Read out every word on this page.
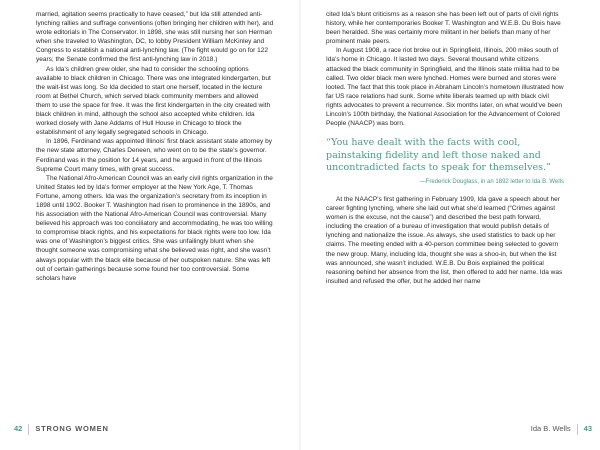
married, agitation seems practically to have ceased,” but Ida still attended anti-lynching rallies and suffrage conventions (often bringing her children with her), and wrote editorials in The Conservator. In 1898, she was still nursing her son Herman when she traveled to Washington, DC, to lobby President William McKinley and Congress to establish a national anti-lynching law. (The fight would go on for 122 years; the Senate confirmed the first anti-lynching law in 2018.)

As Ida’s children grew older, she had to consider the schooling options available to black children in Chicago. There was one integrated kindergarten, but the wait-list was long. So Ida decided to start one herself, located in the lecture room at Bethel Church, which served black community members and allowed them to use the space for free. It was the first kindergarten in the city created with black children in mind, although the school also accepted white children. Ida worked closely with Jane Addams of Hull House in Chicago to block the establishment of any legally segregated schools in Chicago.

In 1896, Ferdinand was appointed Illinois’ first black assistant state attorney by the new state attorney, Charles Deneen, who went on to be the state’s governor. Ferdinand was in the position for 14 years, and he argued in front of the Illinois Supreme Court many times, with great success.

The National Afro-American Council was an early civil rights organization in the United States led by Ida’s former employer at the New York Age, T. Thomas Fortune, among others. Ida was the organization’s secretary from its inception in 1898 until 1902. Booker T. Washington had risen to prominence in the 1890s, and his association with the National Afro-American Council was controversial. Many believed his approach was too conciliatory and accommodating, he was too willing to compromise black rights, and his expectations for black rights were too low. Ida was one of Washington’s biggest critics. She was unfailingly blunt when she thought someone was compromising what she believed was right, and she wasn’t always popular with the black elite because of her outspoken nature. She was left out of certain gatherings because some found her too controversial. Some scholars have

42 STRONG WOMEN

cited Ida’s blunt criticisms as a reason she has been left out of parts of civil rights history, while her contemporaries Booker T. Washington and W.E.B. Du Bois have been heralded. She was certainly more militant in her beliefs than many of her prominent male peers.

In August 1908, a race riot broke out in Springfield, Illinois, 200 miles south of Ida’s home in Chicago. It lasted two days. Several thousand white citizens attacked the black community in Springfield, and the Illinois state militia had to be called. Two older black men were lynched. Homes were burned and stores were looted. The fact that this took place in Abraham Lincoln’s hometown illustrated how far US race relations had sunk. Some white liberals teamed up with black civil rights advocates to prevent a recurrence. Six months later, on what would’ve been Lincoln’s 100th birthday, the National Association for the Advancement of Colored People (NAACP) was born.

“You have dealt with the facts with cool, painstaking fidelity and left those naked and uncontradicted facts to speak for themselves.”
—Frederick Douglass, in an 1892 letter to Ida B. Wells

At the NAACP’s first gathering in February 1909, Ida gave a speech about her career fighting lynching, where she laid out what she’d learned (“Crimes against women is the excuse, not the cause”) and described the best path forward, including the creation of a bureau of investigation that would publish details of lynching and nationalize the issue. As always, she used statistics to back up her claims. The meeting ended with a 40-person committee being selected to govern the new group. Many, including Ida, thought she was a shoo-in, but when the list was announced, she wasn’t included. W.E.B. Du Bois explained the political reasoning behind her absence from the list, then offered to add her name. Ida was insulted and refused the offer, but he added her name

Ida B. Wells 43
